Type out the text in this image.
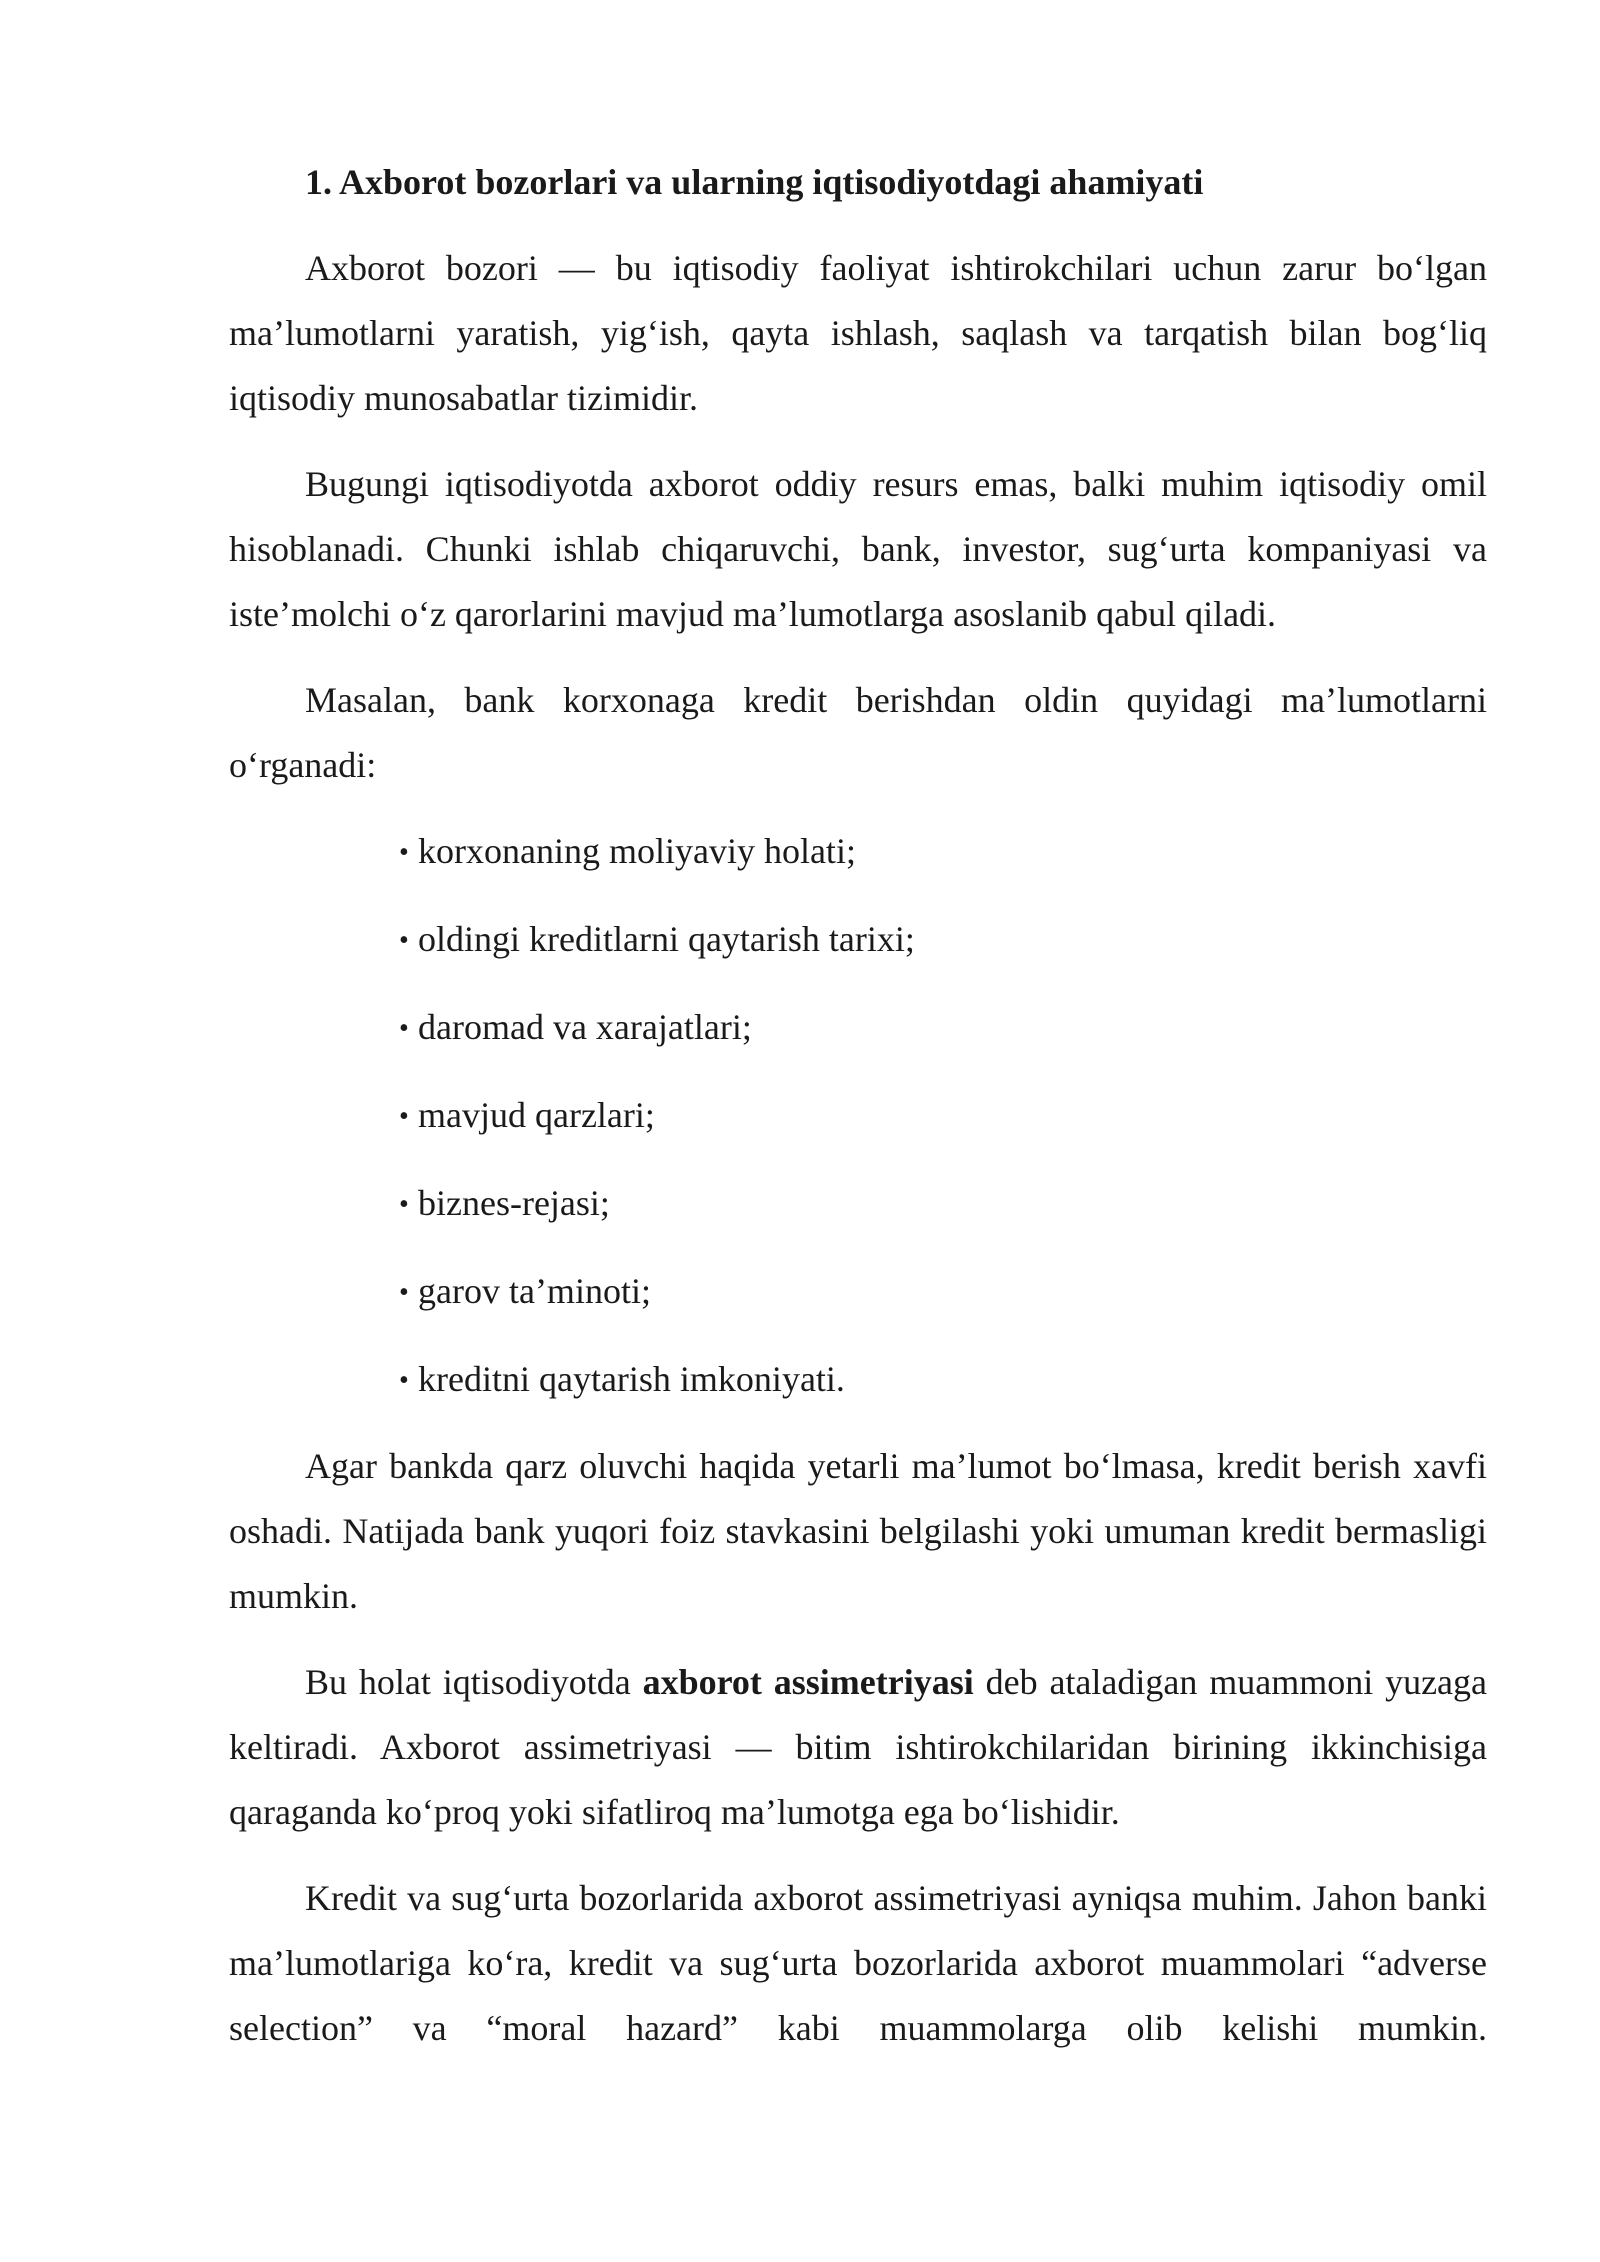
1. Axborot bozorlari va ularning iqtisodiyotdagi ahamiyati

Axborot bozori — bu iqtisodiy faoliyat ishtirokchilari uchun zarur bo‘lgan ma’lumotlarni yaratish, yig‘ish, qayta ishlash, saqlash va tarqatish bilan bog‘liq iqtisodiy munosabatlar tizimidir.

Bugungi iqtisodiyotda axborot oddiy resurs emas, balki muhim iqtisodiy omil hisoblanadi. Chunki ishlab chiqaruvchi, bank, investor, sug‘urta kompaniyasi va iste’molchi o‘z qarorlarini mavjud ma’lumotlarga asoslanib qabul qiladi.

Masalan, bank korxonaga kredit berishdan oldin quyidagi ma’lumotlarni o‘rganadi:

• korxonaning moliyaviy holati;
• oldingi kreditlarni qaytarish tarixi;
• daromad va xarajatlari;
• mavjud qarzlari;
• biznes-rejasi;
• garov ta’minoti;
• kreditni qaytarish imkoniyati.

Agar bankda qarz oluvchi haqida yetarli ma’lumot bo‘lmasa, kredit berish xavfi oshadi. Natijada bank yuqori foiz stavkasini belgilashi yoki umuman kredit bermasligi mumkin.

Bu holat iqtisodiyotda axborot assimetriyasi deb ataladigan muammoni yuzaga keltiradi. Axborot assimetriyasi — bitim ishtirokchilaridan birining ikkinchisiga qaraganda ko‘proq yoki sifatliroq ma’lumotga ega bo‘lishidir.

Kredit va sug‘urta bozorlarida axborot assimetriyasi ayniqsa muhim. Jahon banki ma’lumotlariga ko‘ra, kredit va sug‘urta bozorlarida axborot muammolari “adverse selection” va “moral hazard” kabi muammolarga olib kelishi mumkin.
